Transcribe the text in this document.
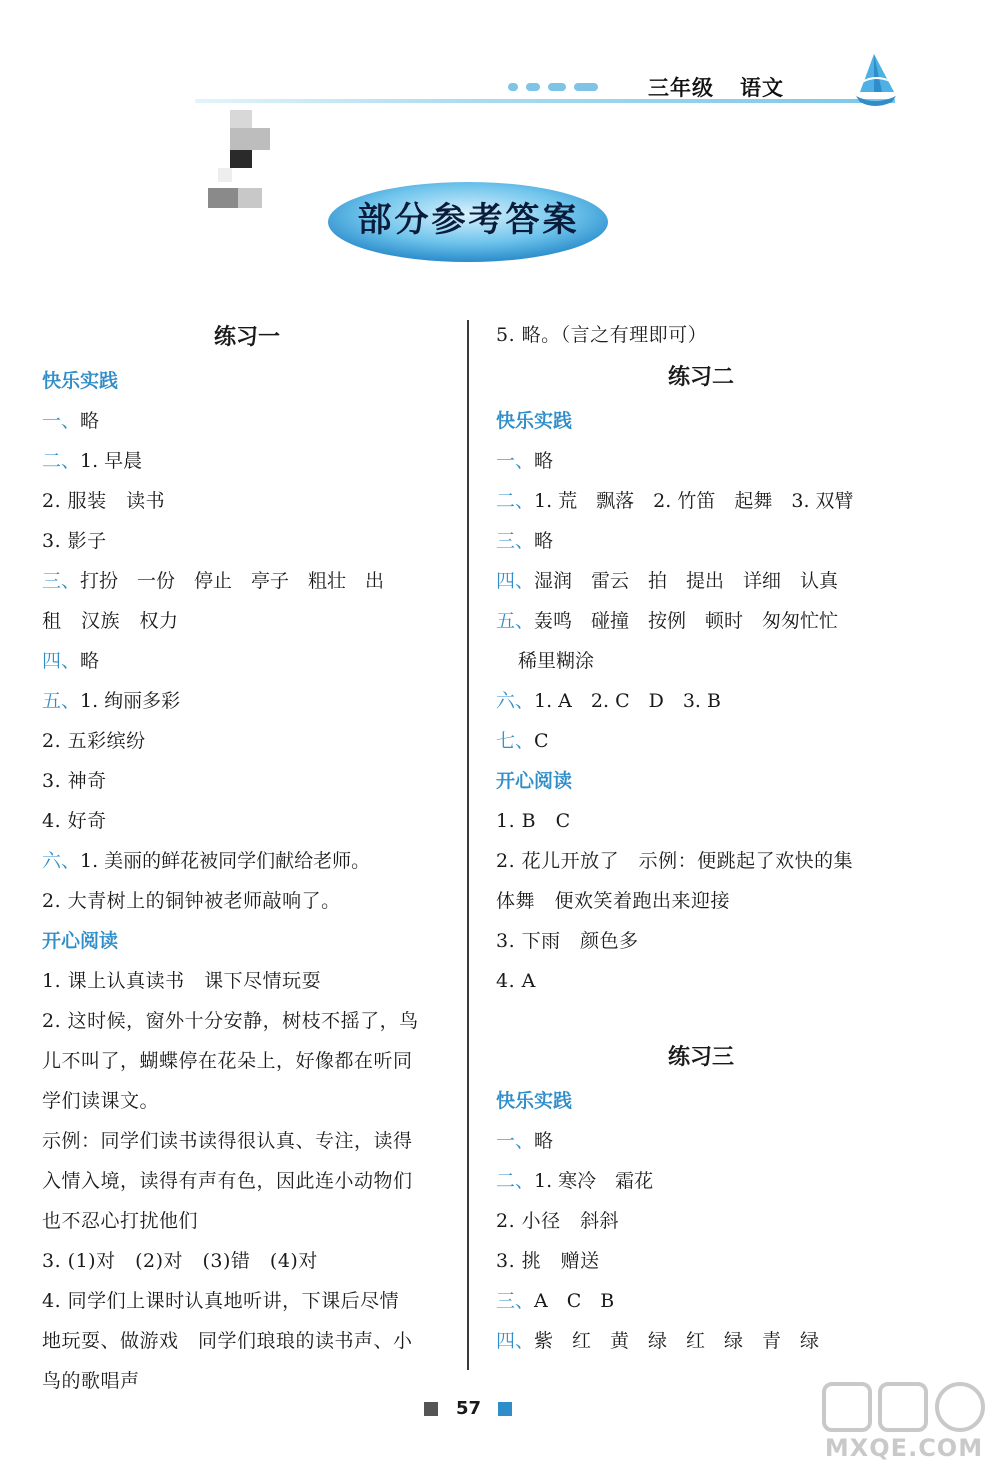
三年级 语文
部分参考答案
练习一
快乐实践
一、略
二、1. 早晨
2. 服装　读书
3. 影子
三、打扮　一份　停止　亭子　粗壮　出
租　汉族　权力
四、略
五、1. 绚丽多彩
2. 五彩缤纷
3. 神奇
4. 好奇
六、1. 美丽的鲜花被同学们献给老师。
2. 大青树上的铜钟被老师敲响了。
开心阅读
1. 课上认真读书　课下尽情玩耍
2. 这时候，窗外十分安静，树枝不摇了，鸟
儿不叫了，蝴蝶停在花朵上，好像都在听同
学们读课文。
示例：同学们读书读得很认真、专注，读得
入情入境，读得有声有色，因此连小动物们
也不忍心打扰他们
3. (1)对　(2)对　(3)错　(4)对
4. 同学们上课时认真地听讲，下课后尽情
地玩耍、做游戏　同学们琅琅的读书声、小
鸟的歌唱声
5. 略。（言之有理即可）
练习二
快乐实践
一、略
二、1. 荒　飘落　2. 竹笛　起舞　3. 双臂
三、略
四、湿润　雷云　拍　提出　详细　认真
五、轰鸣　碰撞　按例　顿时　匆匆忙忙
稀里糊涂
六、1. A　2. C　D　3. B
七、C
开心阅读
1. B　C
2. 花儿开放了　示例：便跳起了欢快的集
体舞　便欢笑着跑出来迎接
3. 下雨　颜色多
4. A
练习三
快乐实践
一、略
二、1. 寒冷　霜花
2. 小径　斜斜
3. 挑　赠送
三、A　C　B
四、紫　红　黄　绿　红　绿　青　绿
57
MXQE.COM
